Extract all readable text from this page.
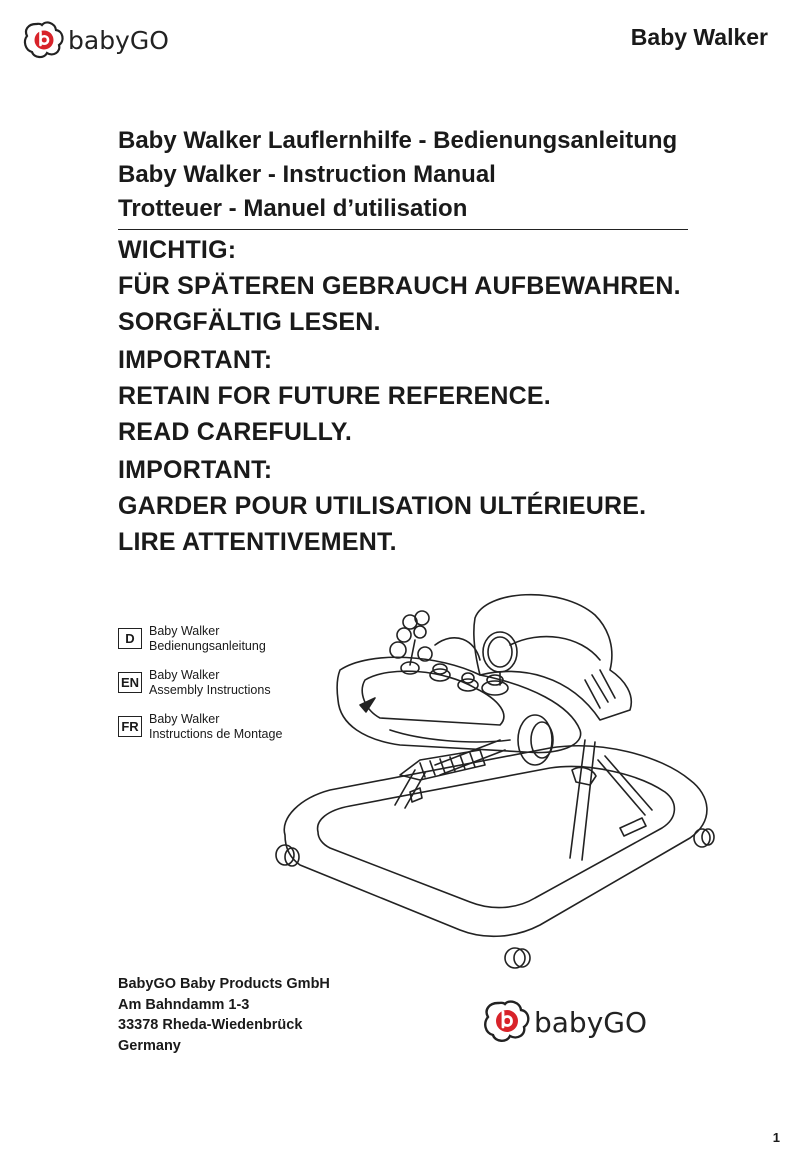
babyGO	Baby Walker
Baby Walker Lauflernhilfe - Bedienungsanleitung
Baby Walker - Instruction Manual
Trotteuer - Manuel d’utilisation
WICHTIG:
FÜR SPÄTEREN GEBRAUCH AUFBEWAHREN.
SORGFÄLTIG LESEN.
IMPORTANT:
RETAIN FOR FUTURE REFERENCE.
READ CAREFULLY.
IMPORTANT:
GARDER POUR UTILISATION ULTÉRIEURE.
LIRE ATTENTIVEMENT.
D	Baby Walker
Bedienungsanleitung
EN Baby Walker
Assembly Instructions
FR Baby Walker
Instructions de Montage
BabyGO Baby Products GmbH
Am Bahndamm 1-3
33378 Rheda-Wiedenbrück
Germany
babyGO
1
